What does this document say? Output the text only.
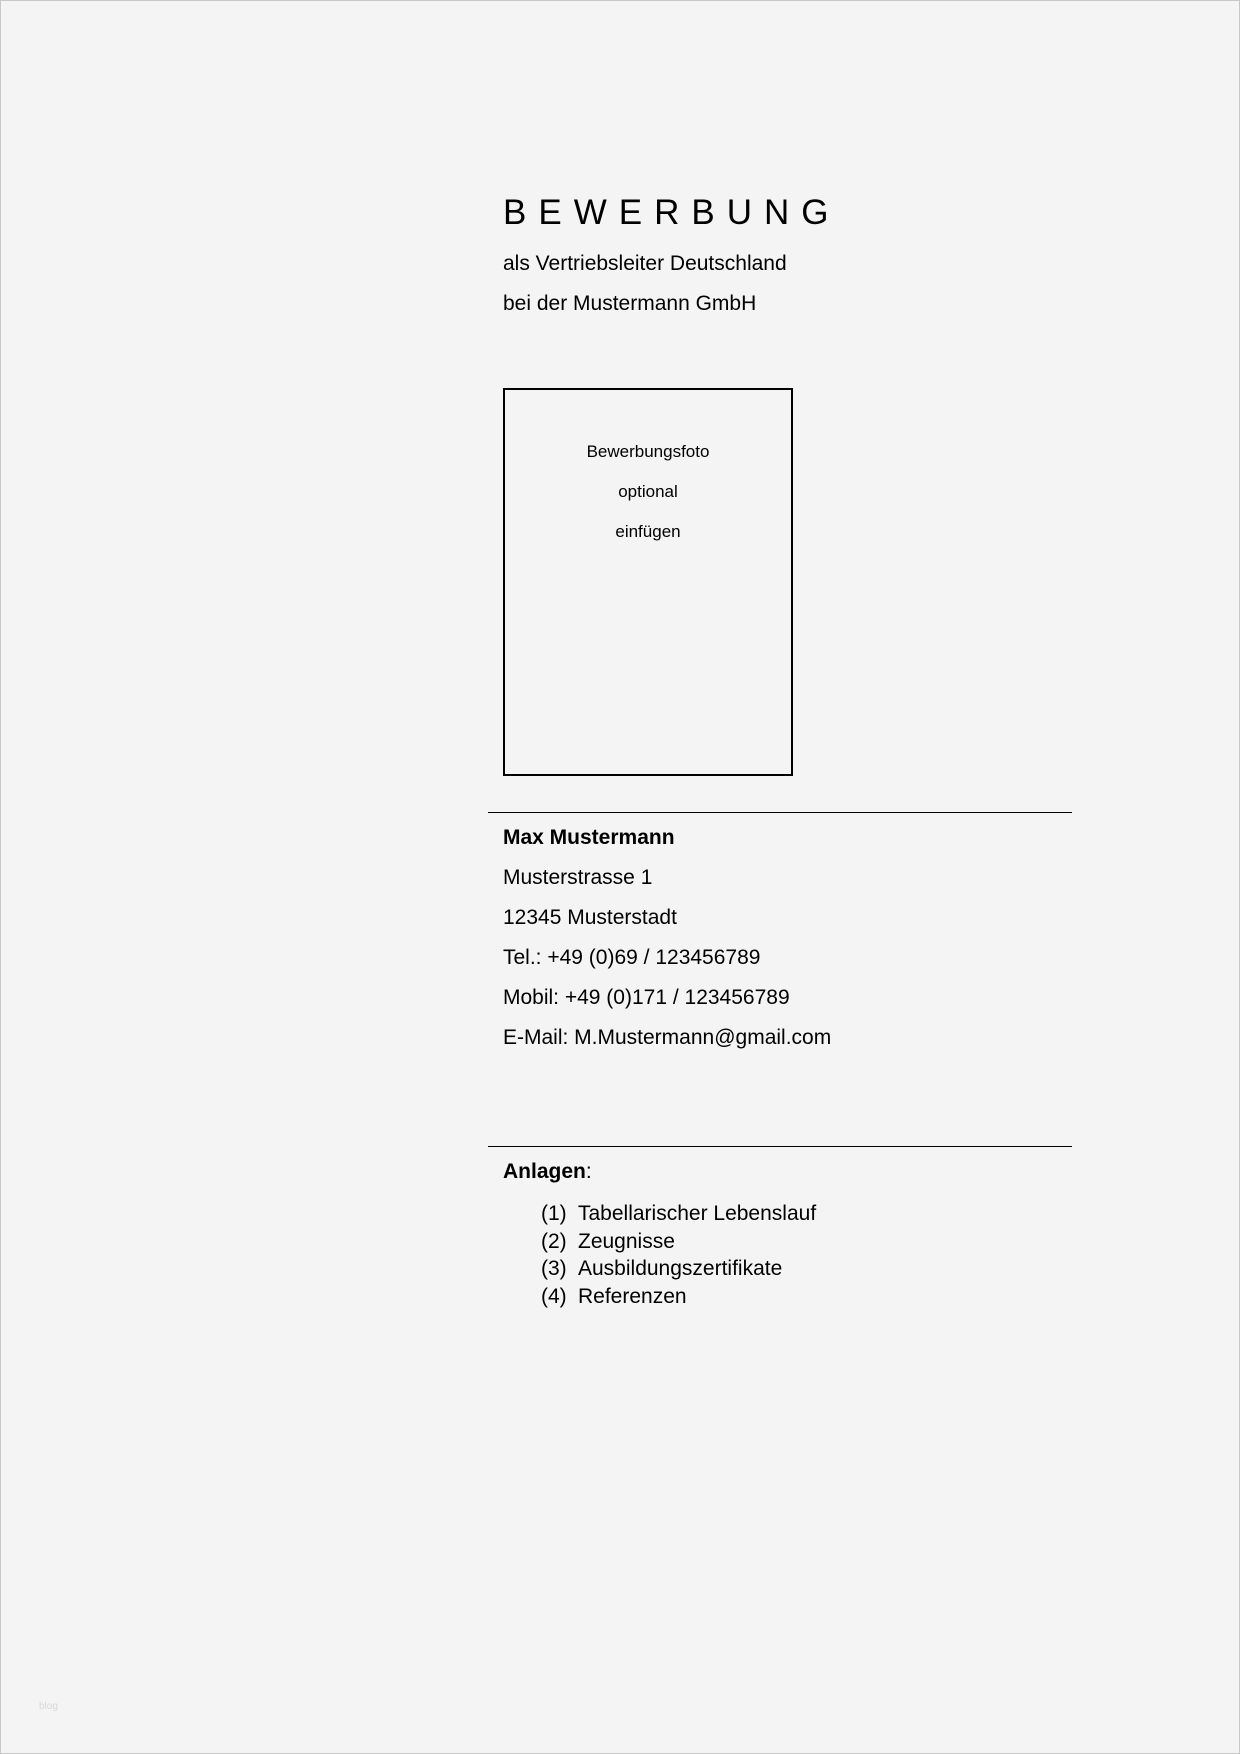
BEWERBUNG
als Vertriebsleiter Deutschland
bei der Mustermann GmbH
Bewerbungsfoto
optional
einfügen
Max Mustermann
Musterstrasse 1
12345 Musterstadt
Tel.: +49 (0)69 / 123456789
Mobil: +49 (0)171 / 123456789
E-Mail: M.Mustermann@gmail.com
Anlagen:
(1) Tabellarischer Lebenslauf
(2) Zeugnisse
(3) Ausbildungszertifikate
(4) Referenzen
blog
